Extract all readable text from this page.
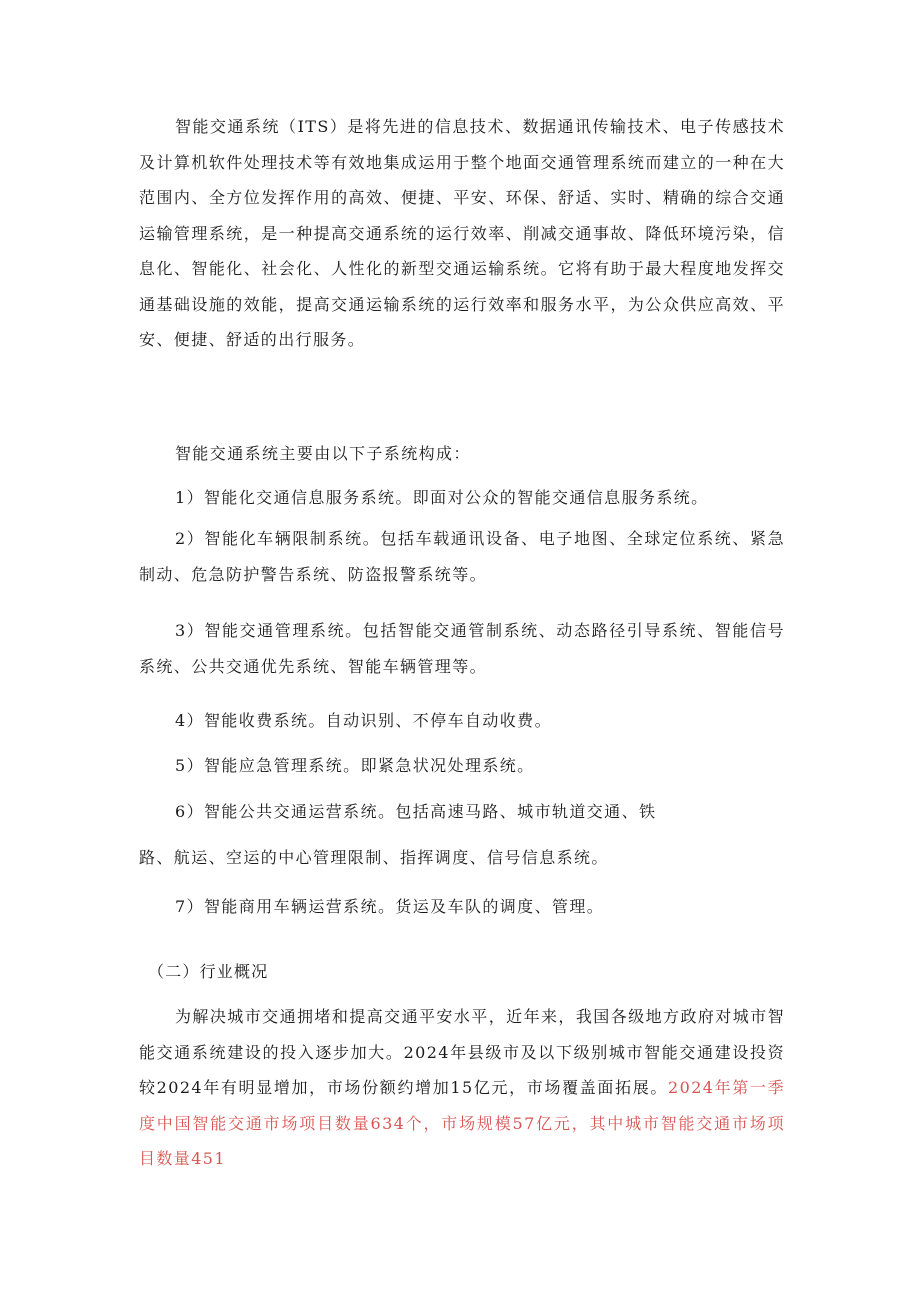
智能交通系统（ITS）是将先进的信息技术、数据通讯传输技术、电子传感技术及计算机软件处理技术等有效地集成运用于整个地面交通管理系统而建立的一种在大范围内、全方位发挥作用的高效、便捷、平安、环保、舒适、实时、精确的综合交通运输管理系统，是一种提高交通系统的运行效率、削减交通事故、降低环境污染，信息化、智能化、社会化、人性化的新型交通运输系统。它将有助于最大程度地发挥交通基础设施的效能，提高交通运输系统的运行效率和服务水平，为公众供应高效、平安、便捷、舒适的出行服务。

智能交通系统主要由以下子系统构成：

1）智能化交通信息服务系统。即面对公众的智能交通信息服务系统。

2）智能化车辆限制系统。包括车载通讯设备、电子地图、全球定位系统、紧急制动、危急防护警告系统、防盗报警系统等。

3）智能交通管理系统。包括智能交通管制系统、动态路径引导系统、智能信号系统、公共交通优先系统、智能车辆管理等。

4）智能收费系统。自动识别、不停车自动收费。

5）智能应急管理系统。即紧急状况处理系统。

6）智能公共交通运营系统。包括高速马路、城市轨道交通、铁

路、航运、空运的中心管理限制、指挥调度、信号信息系统。

7）智能商用车辆运营系统。货运及车队的调度、管理。

（二）行业概况

为解决城市交通拥堵和提高交通平安水平，近年来，我国各级地方政府对城市智能交通系统建设的投入逐步加大。2024年县级市及以下级别城市智能交通建设投资较2024年有明显增加，市场份额约增加15亿元，市场覆盖面拓展。2024年第一季度中国智能交通市场项目数量634个，市场规模57亿元，其中城市智能交通市场项目数量451
